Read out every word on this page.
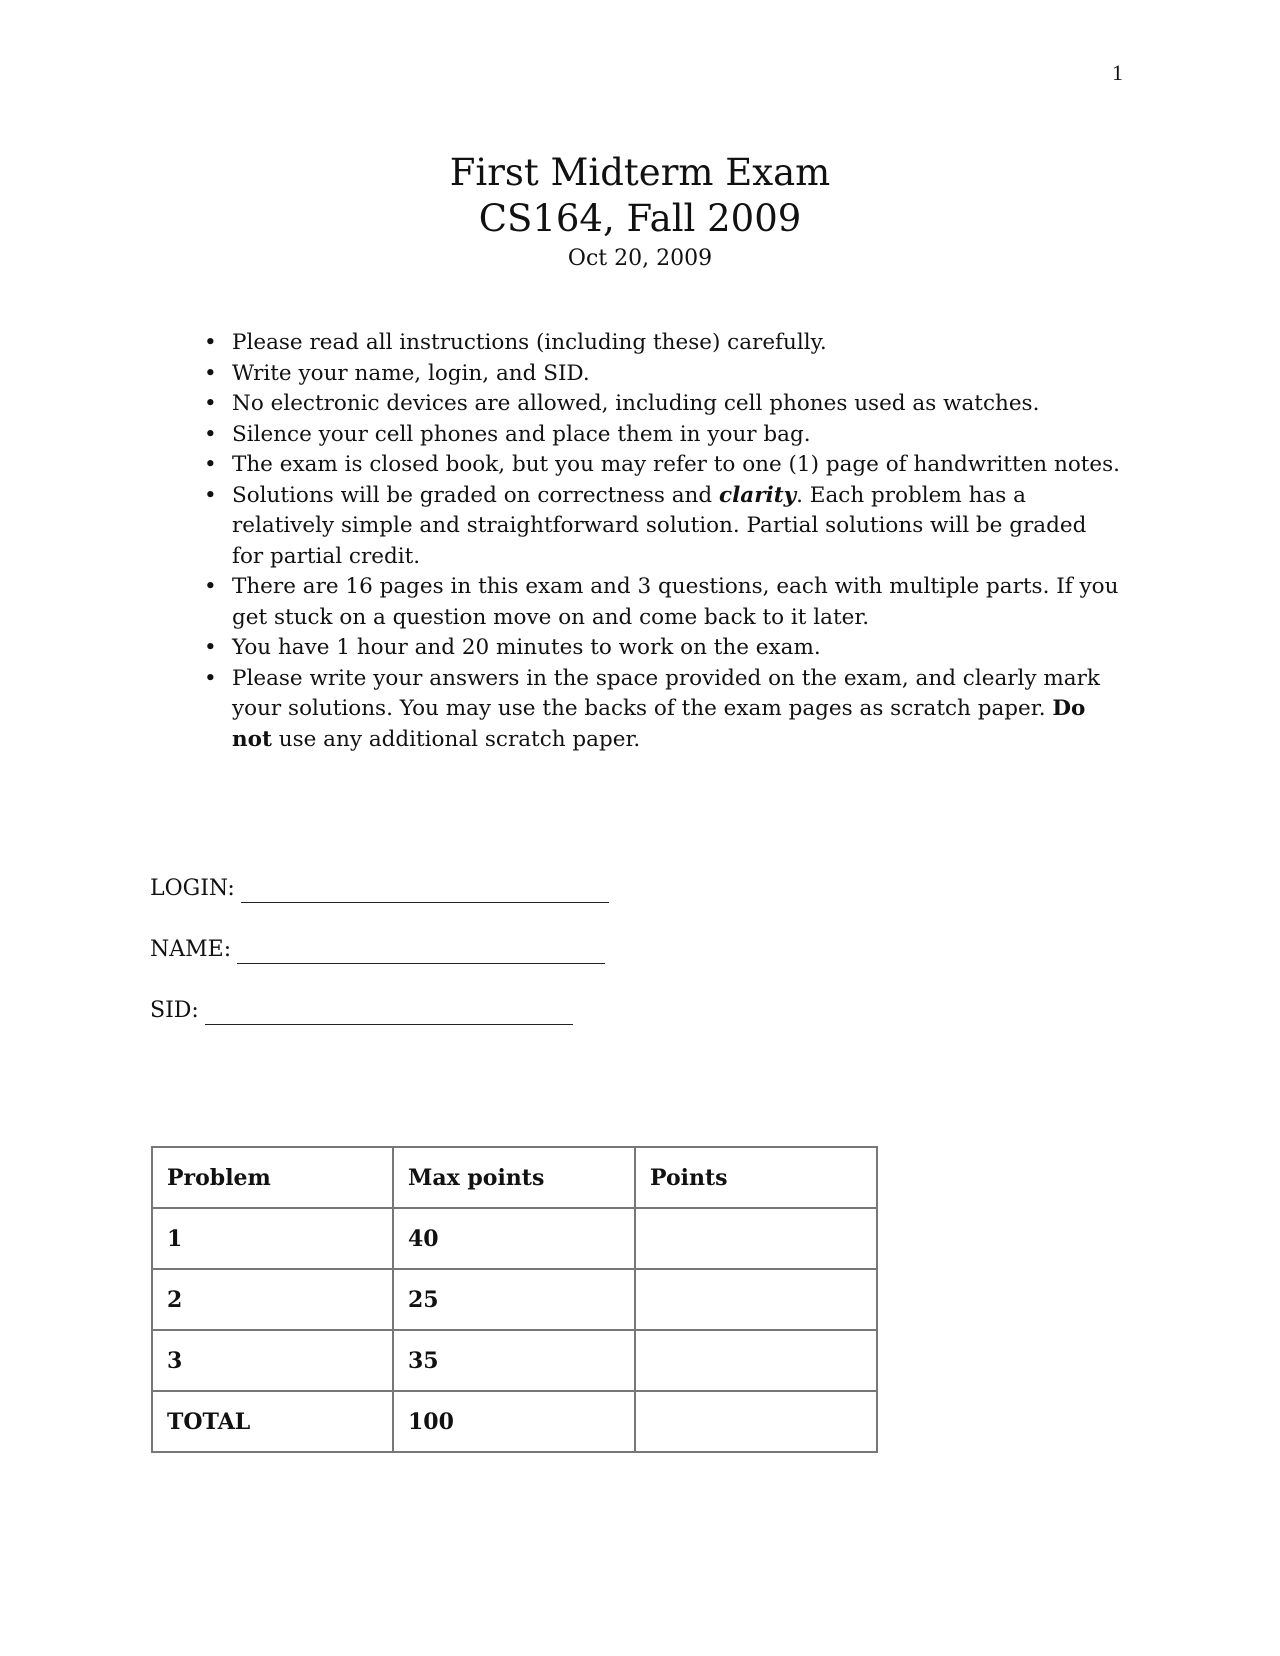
1
First Midterm Exam
CS164, Fall 2009
Oct 20, 2009
• Please read all instructions (including these) carefully.
• Write your name, login, and SID.
• No electronic devices are allowed, including cell phones used as watches.
• Silence your cell phones and place them in your bag.
• The exam is closed book, but you may refer to one (1) page of handwritten notes.
• Solutions will be graded on correctness and clarity. Each problem has a relatively simple and straightforward solution. Partial solutions will be graded for partial credit.
• There are 16 pages in this exam and 3 questions, each with multiple parts. If you get stuck on a question move on and come back to it later.
• You have 1 hour and 20 minutes to work on the exam.
• Please write your answers in the space provided on the exam, and clearly mark your solutions. You may use the backs of the exam pages as scratch paper. Do not use any additional scratch paper.
LOGIN:
NAME:
SID:
Problem	Max points	Points
1	40	
2	25	
3	35	
TOTAL	100	
